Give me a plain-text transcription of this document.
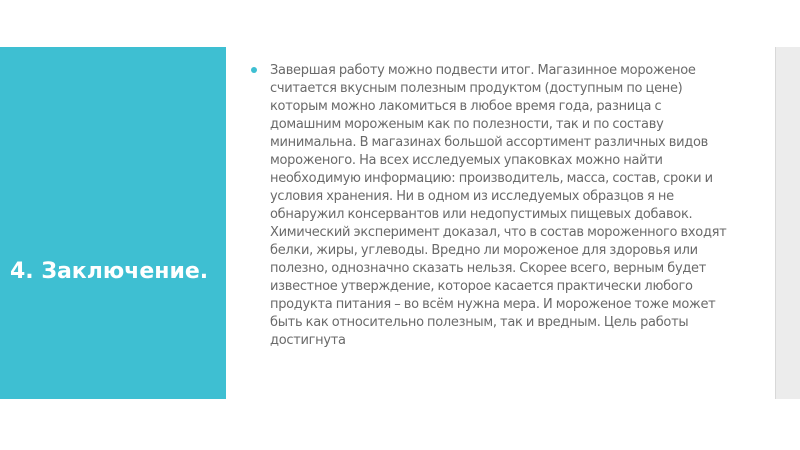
4. Заключение.

Завершая работу можно подвести итог. Магазинное мороженое считается вкусным полезным продуктом (доступным по цене) которым можно лакомиться в любое время года, разница с домашним мороженым как по полезности, так и по составу минимальна. В магазинах большой ассортимент различных видов мороженого. На всех исследуемых упаковках можно найти необходимую информацию: производитель, масса, состав, сроки и условия хранения. Ни в одном из исследуемых образцов я не обнаружил консервантов или недопустимых пищевых добавок. Химический эксперимент доказал, что в состав мороженного входят белки, жиры, углеводы. Вредно ли мороженое для здоровья или полезно, однозначно сказать нельзя. Скорее всего, верным будет известное утверждение, которое касается практически любого продукта питания – во всём нужна мера. И мороженое тоже может быть как относительно полезным, так и вредным. Цель работы достигнута
